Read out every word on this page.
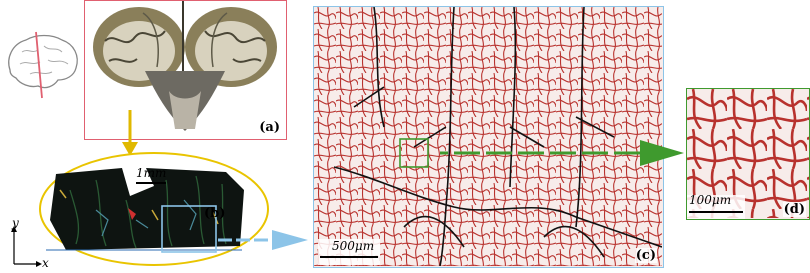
(a)
1mm
(b)
y
x
500μm
(c)
100μm
(d)
